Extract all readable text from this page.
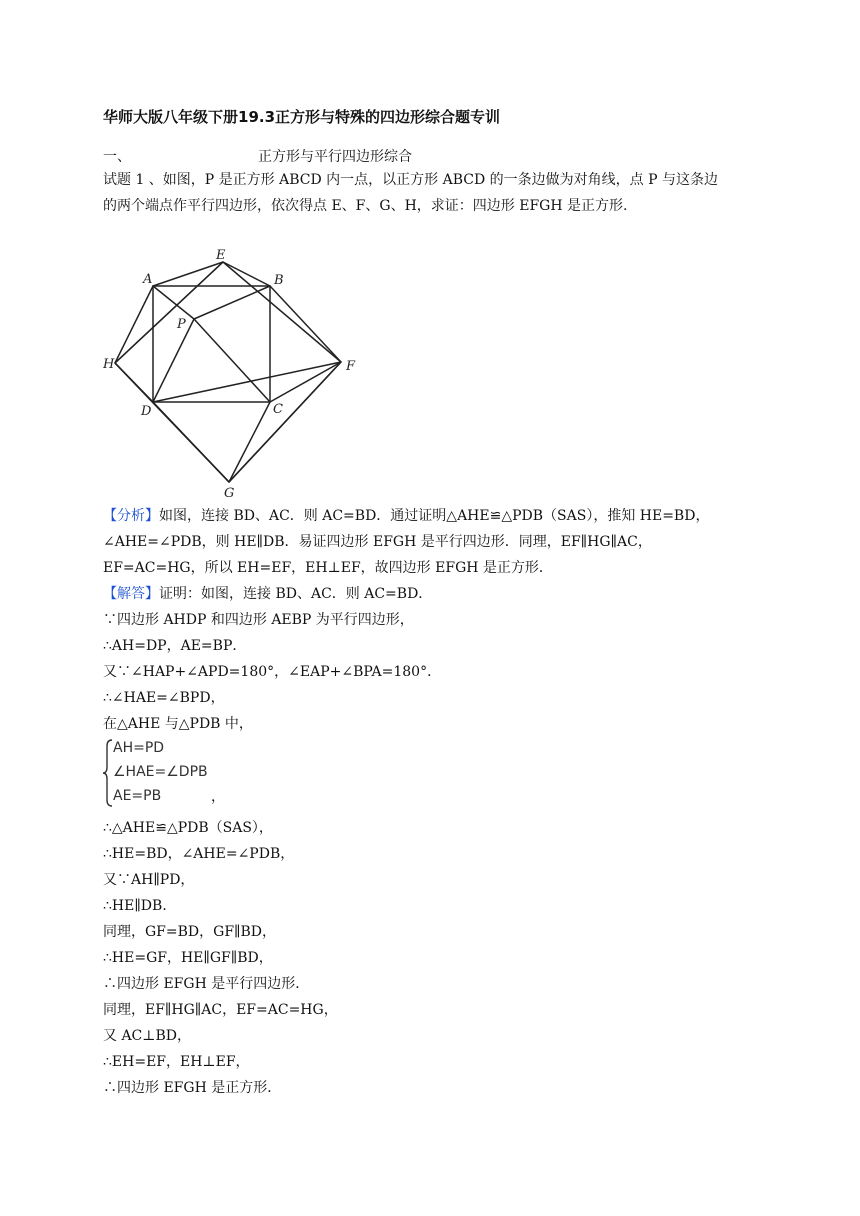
华师大版八年级下册19.3正方形与特殊的四边形综合题专训
一、	正方形与平行四边形综合
试题 1 、如图，P 是正方形 ABCD 内一点，以正方形 ABCD 的一条边做为对角线，点 P 与这条边
的两个端点作平行四边形，依次得点 E、F、G、H，求证：四边形 EFGH 是正方形.
A
E
B
P
H	F
D	C
G
【分析】如图，连接 BD、AC．则 AC=BD．通过证明△AHE≌△PDB（SAS），推知 HE=BD，
∠AHE=∠PDB，则 HE∥DB．易证四边形 EFGH 是平行四边形．同理，EF∥HG∥AC，
EF=AC=HG，所以 EH=EF，EH⊥EF，故四边形 EFGH 是正方形．
【解答】证明：如图，连接 BD、AC．则 AC=BD．
∵四边形 AHDP 和四边形 AEBP 为平行四边形，
∴AH=DP，AE=BP．
又∵∠HAP+∠APD=180°，∠EAP+∠BPA=180°．
∴∠HAE=∠BPD，
在△AHE 与△PDB 中，
AH=PD
∠HAE=∠DPB
AE=PB	，
∴△AHE≌△PDB（SAS），
∴HE=BD，∠AHE=∠PDB，
又∵AH∥PD，
∴HE∥DB．
同理，GF=BD，GF∥BD，
∴HE=GF，HE∥GF∥BD，
∴四边形 EFGH 是平行四边形．
同理，EF∥HG∥AC，EF=AC=HG，
又 AC⊥BD，
∴EH=EF，EH⊥EF，
∴四边形 EFGH 是正方形．
